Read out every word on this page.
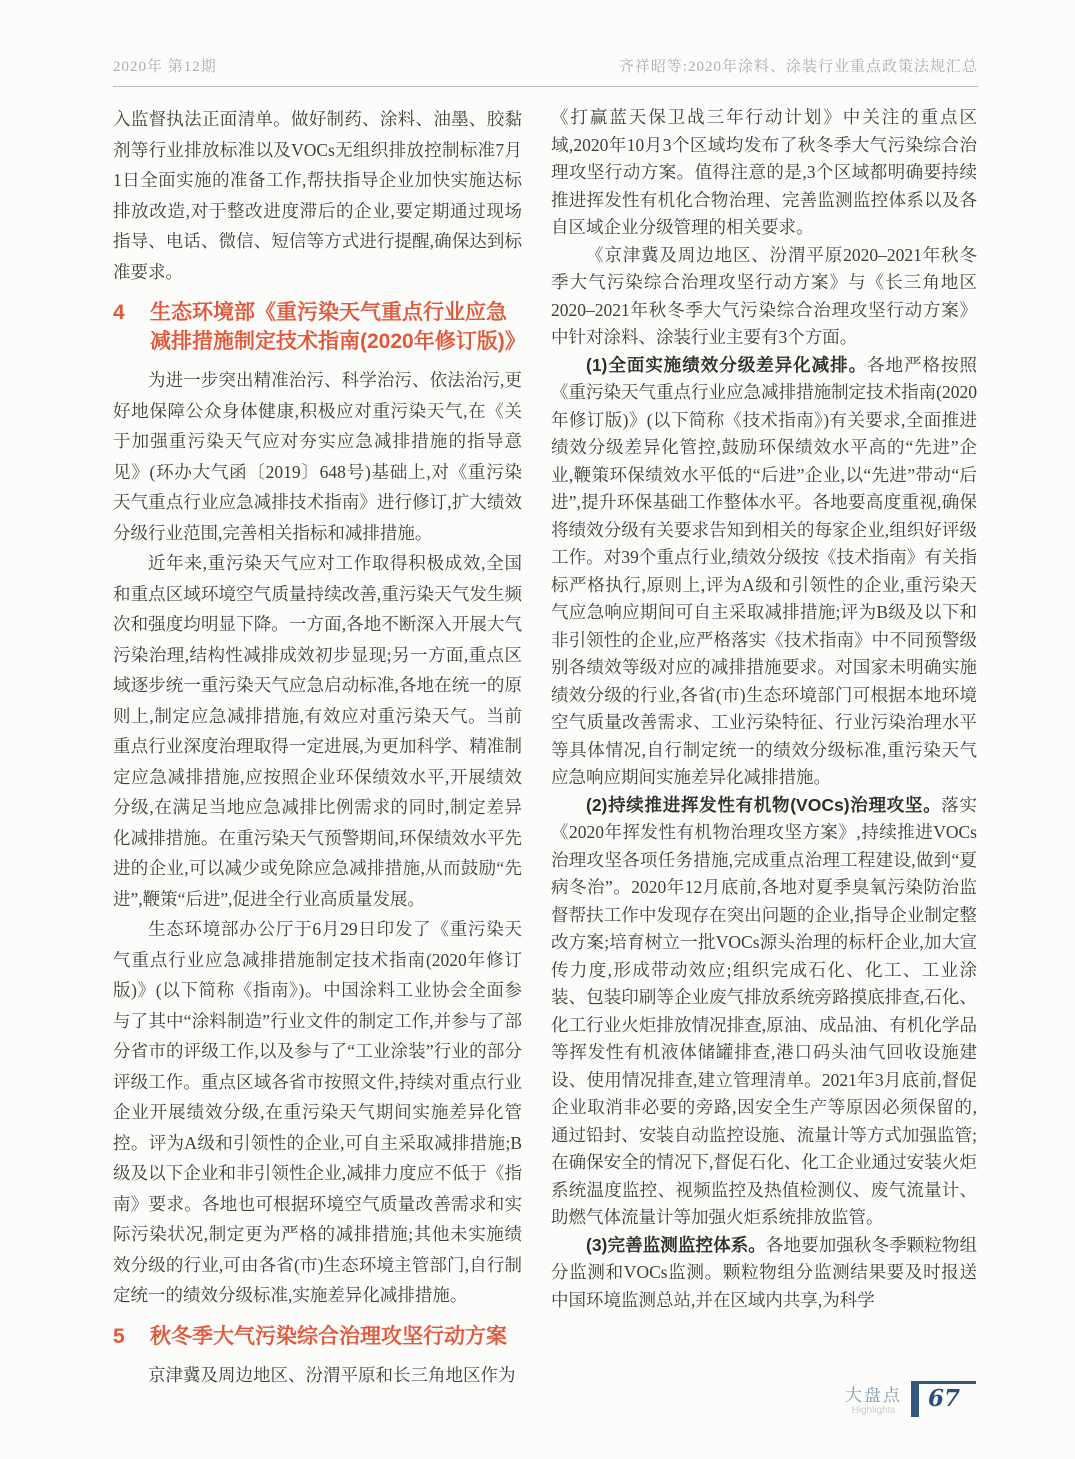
2020年 第12期	齐祥昭等:2020年涂料、涂装行业重点政策法规汇总

入监督执法正面清单。做好制药、涂料、油墨、胶黏剂等行业排放标准以及VOCs无组织排放控制标准7月1日全面实施的准备工作,帮扶指导企业加快实施达标排放改造,对于整改进度滞后的企业,要定期通过现场指导、电话、微信、短信等方式进行提醒,确保达到标准要求。

4	生态环境部《重污染天气重点行业应急减排措施制定技术指南(2020年修订版)》

为进一步突出精准治污、科学治污、依法治污,更好地保障公众身体健康,积极应对重污染天气,在《关于加强重污染天气应对夯实应急减排措施的指导意见》(环办大气函〔2019〕648号)基础上,对《重污染天气重点行业应急减排技术指南》进行修订,扩大绩效分级行业范围,完善相关指标和减排措施。

近年来,重污染天气应对工作取得积极成效,全国和重点区域环境空气质量持续改善,重污染天气发生频次和强度均明显下降。一方面,各地不断深入开展大气污染治理,结构性减排成效初步显现;另一方面,重点区域逐步统一重污染天气应急启动标准,各地在统一的原则上,制定应急减排措施,有效应对重污染天气。当前重点行业深度治理取得一定进展,为更加科学、精准制定应急减排措施,应按照企业环保绩效水平,开展绩效分级,在满足当地应急减排比例需求的同时,制定差异化减排措施。在重污染天气预警期间,环保绩效水平先进的企业,可以减少或免除应急减排措施,从而鼓励“先进”,鞭策“后进”,促进全行业高质量发展。

生态环境部办公厅于6月29日印发了《重污染天气重点行业应急减排措施制定技术指南(2020年修订版)》(以下简称《指南》)。中国涂料工业协会全面参与了其中“涂料制造”行业文件的制定工作,并参与了部分省市的评级工作,以及参与了“工业涂装”行业的部分评级工作。重点区域各省市按照文件,持续对重点行业企业开展绩效分级,在重污染天气期间实施差异化管控。评为A级和引领性的企业,可自主采取减排措施;B级及以下企业和非引领性企业,减排力度应不低于《指南》要求。各地也可根据环境空气质量改善需求和实际污染状况,制定更为严格的减排措施;其他未实施绩效分级的行业,可由各省(市)生态环境主管部门,自行制定统一的绩效分级标准,实施差异化减排措施。

5	秋冬季大气污染综合治理攻坚行动方案

京津冀及周边地区、汾渭平原和长三角地区作为

《打赢蓝天保卫战三年行动计划》中关注的重点区域,2020年10月3个区域均发布了秋冬季大气污染综合治理攻坚行动方案。值得注意的是,3个区域都明确要持续推进挥发性有机化合物治理、完善监测监控体系以及各自区域企业分级管理的相关要求。

《京津冀及周边地区、汾渭平原2020–2021年秋冬季大气污染综合治理攻坚行动方案》与《长三角地区2020–2021年秋冬季大气污染综合治理攻坚行动方案》中针对涂料、涂装行业主要有3个方面。

(1)全面实施绩效分级差异化减排。各地严格按照《重污染天气重点行业应急减排措施制定技术指南(2020年修订版)》(以下简称《技术指南》)有关要求,全面推进绩效分级差异化管控,鼓励环保绩效水平高的“先进”企业,鞭策环保绩效水平低的“后进”企业,以“先进”带动“后进”,提升环保基础工作整体水平。各地要高度重视,确保将绩效分级有关要求告知到相关的每家企业,组织好评级工作。对39个重点行业,绩效分级按《技术指南》有关指标严格执行,原则上,评为A级和引领性的企业,重污染天气应急响应期间可自主采取减排措施;评为B级及以下和非引领性的企业,应严格落实《技术指南》中不同预警级别各绩效等级对应的减排措施要求。对国家未明确实施绩效分级的行业,各省(市)生态环境部门可根据本地环境空气质量改善需求、工业污染特征、行业污染治理水平等具体情况,自行制定统一的绩效分级标准,重污染天气应急响应期间实施差异化减排措施。

(2)持续推进挥发性有机物(VOCs)治理攻坚。落实《2020年挥发性有机物治理攻坚方案》,持续推进VOCs治理攻坚各项任务措施,完成重点治理工程建设,做到“夏病冬治”。2020年12月底前,各地对夏季臭氧污染防治监督帮扶工作中发现存在突出问题的企业,指导企业制定整改方案;培育树立一批VOCs源头治理的标杆企业,加大宣传力度,形成带动效应;组织完成石化、化工、工业涂装、包装印刷等企业废气排放系统旁路摸底排查,石化、化工行业火炬排放情况排查,原油、成品油、有机化学品等挥发性有机液体储罐排查,港口码头油气回收设施建设、使用情况排查,建立管理清单。2021年3月底前,督促企业取消非必要的旁路,因安全生产等原因必须保留的,通过铅封、安装自动监控设施、流量计等方式加强监管;在确保安全的情况下,督促石化、化工企业通过安装火炬系统温度监控、视频监控及热值检测仪、废气流量计、助燃气体流量计等加强火炬系统排放监管。

(3)完善监测监控体系。各地要加强秋冬季颗粒物组分监测和VOCs监测。颗粒物组分监测结果要及时报送中国环境监测总站,并在区域内共享,为科学

大盘点
Highlights 67
